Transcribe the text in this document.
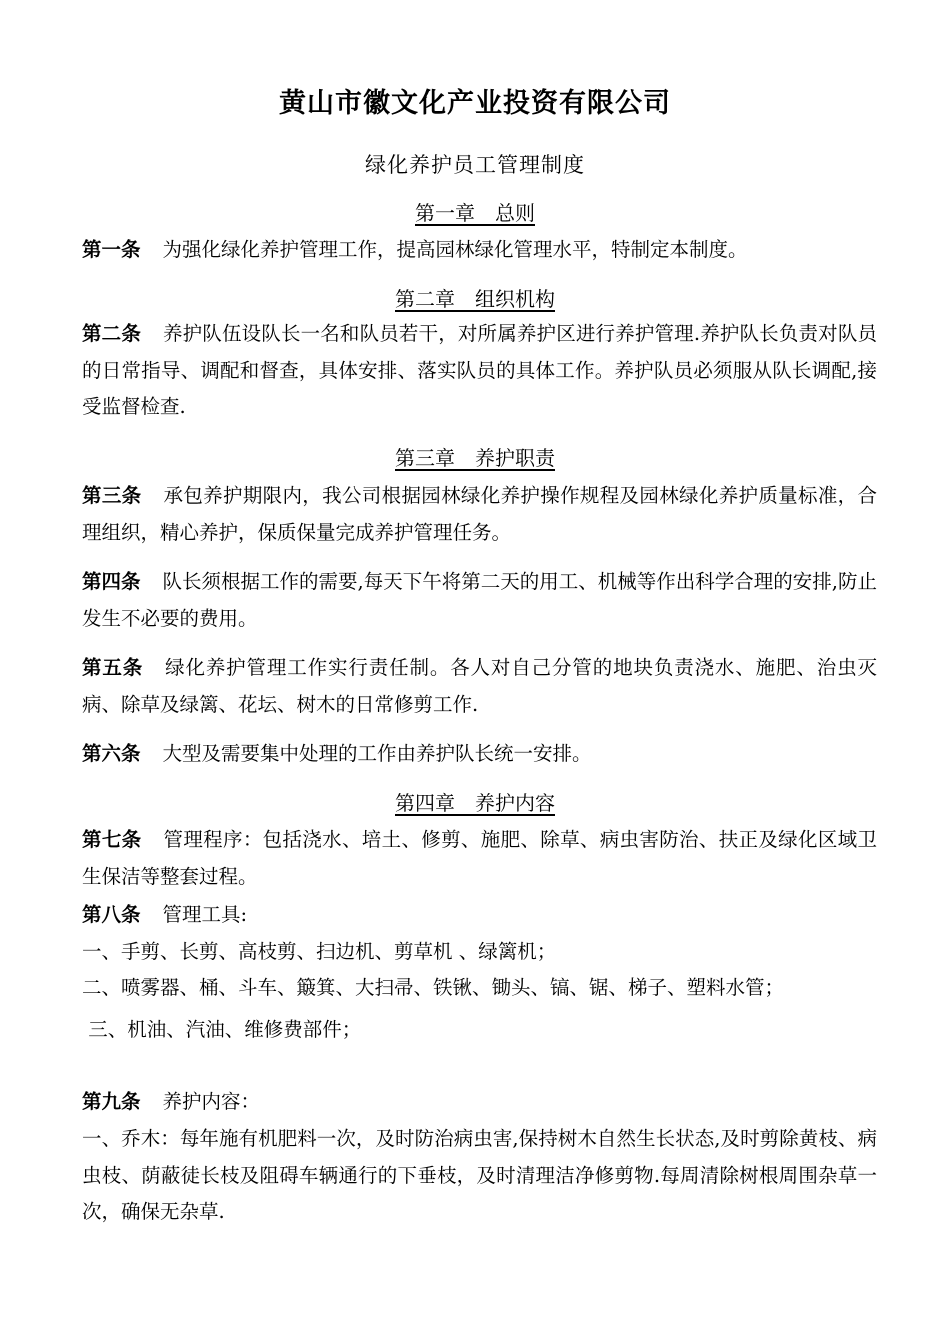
黄山市徽文化产业投资有限公司
绿化养护员工管理制度
第一章　总则
第一条 为强化绿化养护管理工作，提高园林绿化管理水平，特制定本制度。
第二章　组织机构
第二条 养护队伍设队长一名和队员若干，对所属养护区进行养护管理.养护队长负责对队员的日常指导、调配和督查，具体安排、落实队员的具体工作。养护队员必须服从队长调配,接受监督检查.
第三章　养护职责
第三条 承包养护期限内，我公司根据园林绿化养护操作规程及园林绿化养护质量标准，合理组织，精心养护，保质保量完成养护管理任务。
第四条 队长须根据工作的需要,每天下午将第二天的用工、机械等作出科学合理的安排,防止发生不必要的费用。
第五条 绿化养护管理工作实行责任制。各人对自己分管的地块负责浇水、施肥、治虫灭病、除草及绿篱、花坛、树木的日常修剪工作.
第六条 大型及需要集中处理的工作由养护队长统一安排。
第四章　养护内容
第七条 管理程序：包括浇水、培土、修剪、施肥、除草、病虫害防治、扶正及绿化区域卫生保洁等整套过程。
第八条 管理工具:
一、手剪、长剪、高枝剪、扫边机、剪草机 、绿篱机；
二、喷雾器、桶、斗车、簸箕、大扫帚、铁锹、锄头、镐、锯、梯子、塑料水管；
三、机油、汽油、维修费部件；
第九条 养护内容：
一、乔木：每年施有机肥料一次，及时防治病虫害,保持树木自然生长状态,及时剪除黄枝、病虫枝、荫蔽徒长枝及阻碍车辆通行的下垂枝，及时清理洁净修剪物.每周清除树根周围杂草一次，确保无杂草.
